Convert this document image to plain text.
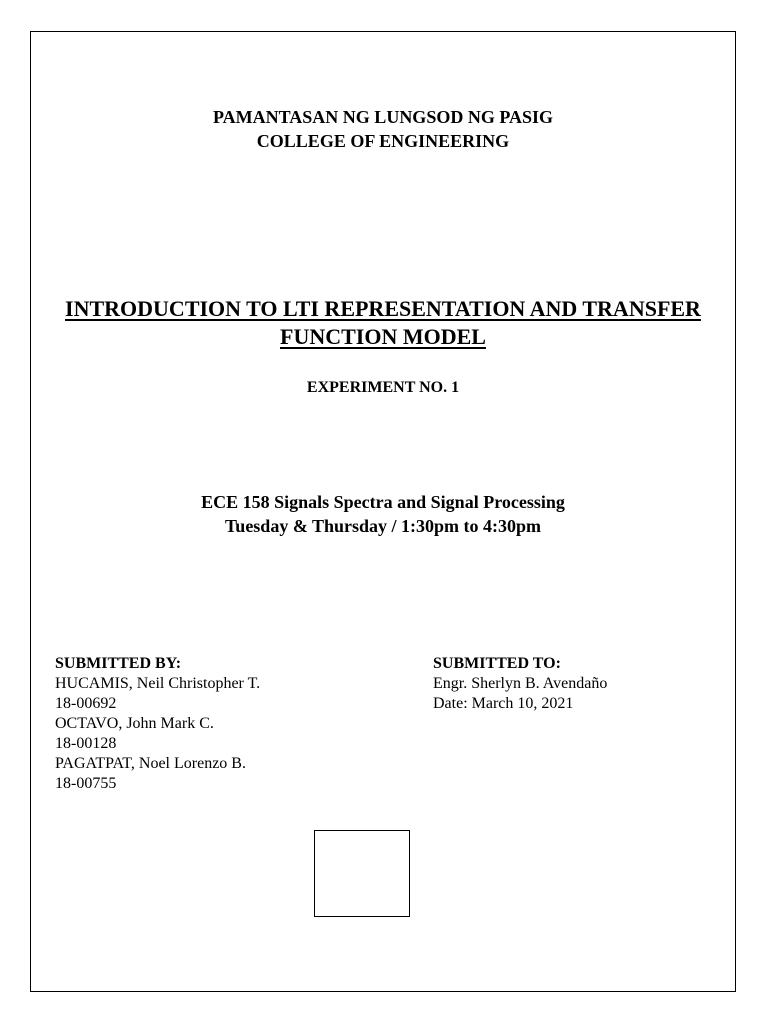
PAMANTASAN NG LUNGSOD NG PASIG
COLLEGE OF ENGINEERING
INTRODUCTION TO LTI REPRESENTATION AND TRANSFER
FUNCTION MODEL
EXPERIMENT NO. 1
ECE 158 Signals Spectra and Signal Processing
Tuesday & Thursday / 1:30pm to 4:30pm
SUBMITTED BY:
HUCAMIS, Neil Christopher T.
18-00692
OCTAVO, John Mark C.
18-00128
PAGATPAT, Noel Lorenzo B.
18-00755
SUBMITTED TO:
Engr. Sherlyn B. Avendaño
Date: March 10, 2021
